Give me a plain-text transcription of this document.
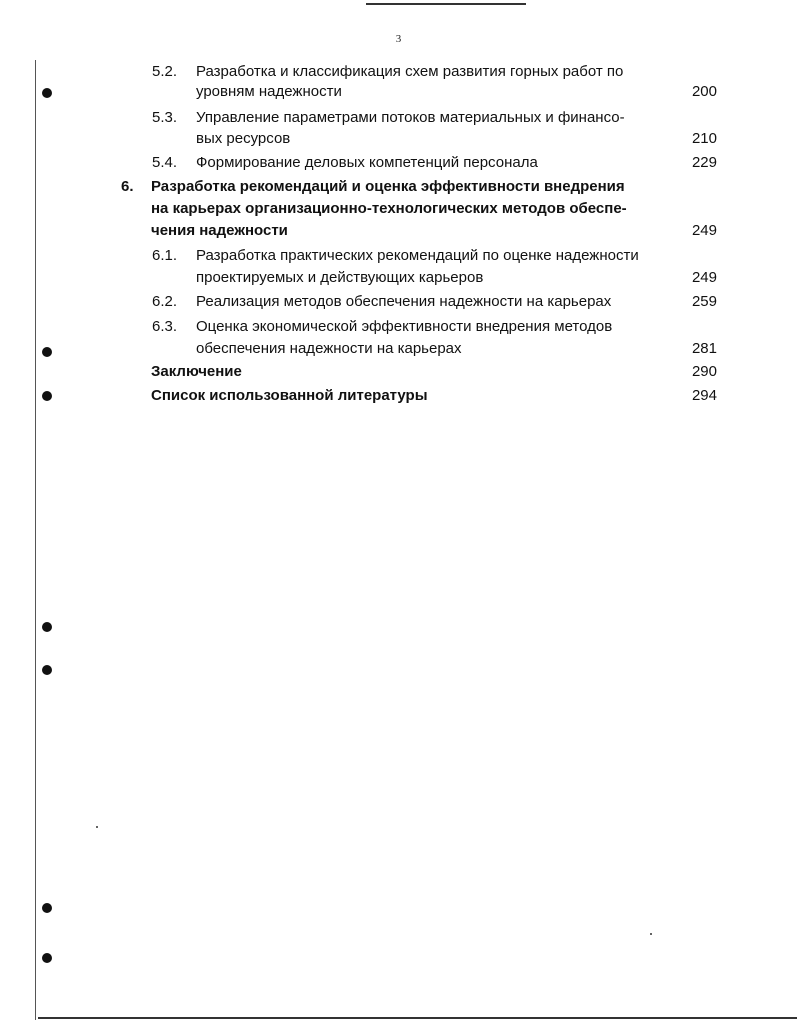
3
5.2. Разработка и классификация схем развития горных работ по
уровням надежности	200
5.3. Управление параметрами потоков материальных и финансо-
вых ресурсов	210
5.4. Формирование деловых компетенций персонала	229
6. Разработка рекомендаций и оценка эффективности внедрения
на карьерах организационно-технологических методов обеспе-
чения надежности	249
6.1. Разработка практических рекомендаций по оценке надежности
проектируемых и действующих карьеров	249
6.2. Реализация методов обеспечения надежности на карьерах	259
6.3. Оценка экономической эффективности внедрения методов
обеспечения надежности на карьерах	281
Заключение	290
Список использованной литературы	294
